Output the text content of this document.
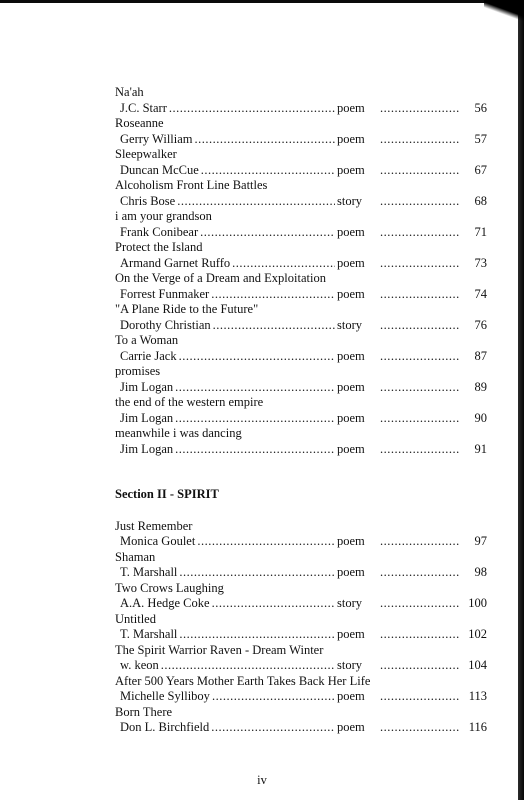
Na'ah
J.C. Starr .....	poem .....	56
Roseanne
Gerry William .....	poem .....	57
Sleepwalker
Duncan McCue .....	poem .....	67
Alcoholism Front Line Battles
Chris Bose .....	story .....	68
i am your grandson
Frank Conibear .....	poem .....	71
Protect the Island
Armand Garnet Ruffo .....	poem .....	73
On the Verge of a Dream and Exploitation
Forrest Funmaker .....	poem .....	74
"A Plane Ride to the Future"
Dorothy Christian .....	story .....	76
To a Woman
Carrie Jack .....	poem .....	87
promises
Jim Logan .....	poem .....	89
the end of the western empire
Jim Logan .....	poem .....	90
meanwhile i was dancing
Jim Logan .....	poem .....	91
Section II - SPIRIT
Just Remember
Monica Goulet .....	poem .....	97
Shaman
T. Marshall .....	poem .....	98
Two Crows Laughing
A.A. Hedge Coke .....	story .....	100
Untitled
T. Marshall .....	poem .....	102
The Spirit Warrior Raven - Dream Winter
w. keon .....	story .....	104
After 500 Years Mother Earth Takes Back Her Life
Michelle Sylliboy .....	poem .....	113
Born There
Don L. Birchfield .....	poem .....	116
iv
